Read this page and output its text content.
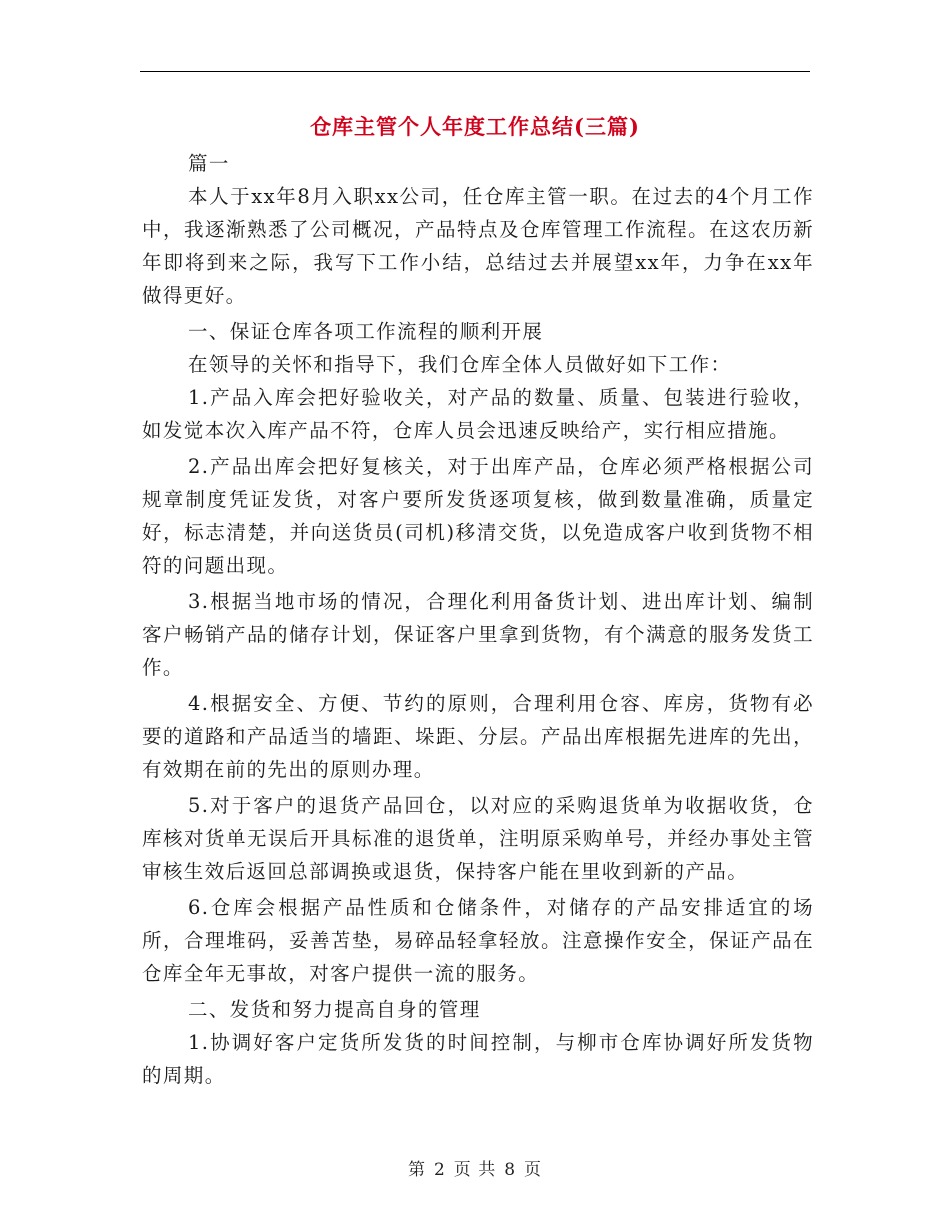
仓库主管个人年度工作总结(三篇)

篇一

本人于xx年8月入职xx公司，任仓库主管一职。在过去的4个月工作中，我逐渐熟悉了公司概况，产品特点及仓库管理工作流程。在这农历新年即将到来之际，我写下工作小结，总结过去并展望xx年，力争在xx年做得更好。

一、保证仓库各项工作流程的顺利开展

在领导的关怀和指导下，我们仓库全体人员做好如下工作：

1.产品入库会把好验收关，对产品的数量、质量、包装进行验收，如发觉本次入库产品不符，仓库人员会迅速反映给产，实行相应措施。

2.产品出库会把好复核关，对于出库产品，仓库必须严格根据公司规章制度凭证发货，对客户要所发货逐项复核，做到数量准确，质量定好，标志清楚，并向送货员(司机)移清交货，以免造成客户收到货物不相符的问题出现。

3.根据当地市场的情况，合理化利用备货计划、进出库计划、编制客户畅销产品的储存计划，保证客户里拿到货物，有个满意的服务发货工作。

4.根据安全、方便、节约的原则，合理利用仓容、库房，货物有必要的道路和产品适当的墙距、垛距、分层。产品出库根据先进库的先出，有效期在前的先出的原则办理。

5.对于客户的退货产品回仓，以对应的采购退货单为收据收货，仓库核对货单无误后开具标准的退货单，注明原采购单号，并经办事处主管审核生效后返回总部调换或退货，保持客户能在里收到新的产品。

6.仓库会根据产品性质和仓储条件，对储存的产品安排适宜的场所，合理堆码，妥善苫垫，易碎品轻拿轻放。注意操作安全，保证产品在仓库全年无事故，对客户提供一流的服务。

二、发货和努力提高自身的管理

1.协调好客户定货所发货的时间控制，与柳市仓库协调好所发货物的周期。

第 2 页 共 8 页
